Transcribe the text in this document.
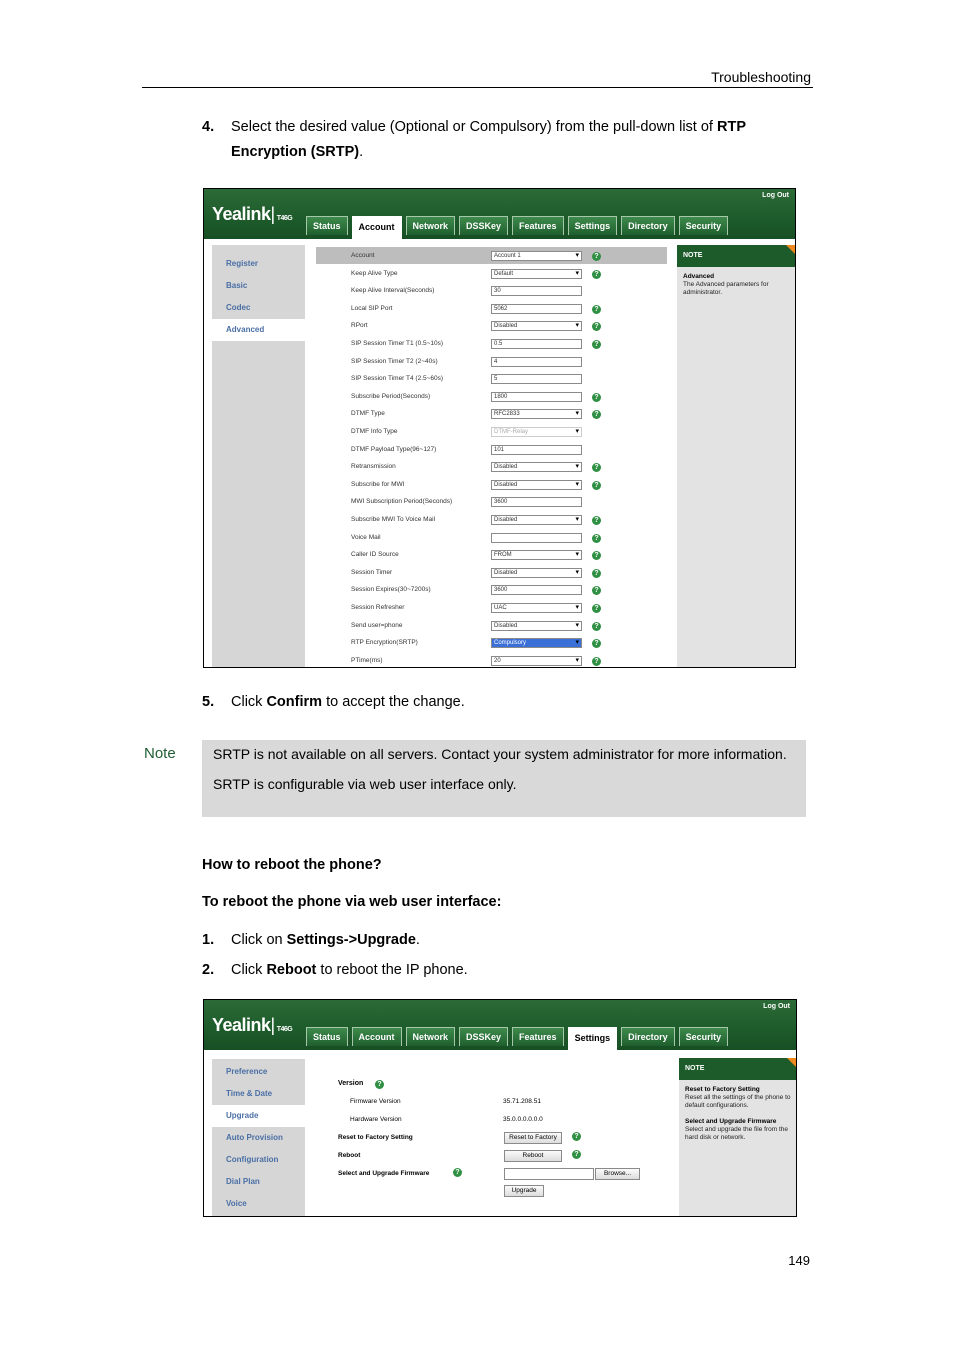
Troubleshooting
4. Select the desired value (Optional or Compulsory) from the pull-down list of RTP Encryption (SRTP).
Yealink| T46G
Log Out
Status	Account	Network	DSSKey	Features	Settings	Directory	Security
Register
Basic
Codec
Advanced
Account	Account 1 ▾	?
Keep Alive Type	Default ▾	?
Keep Alive Interval(Seconds)	30
Local SIP Port	5062	?
RPort	Disabled ▾	?
SIP Session Timer T1 (0.5~10s)	0.5	?
SIP Session Timer T2 (2~40s)	4
SIP Session Timer T4 (2.5~60s)	5
Subscribe Period(Seconds)	1800	?
DTMF Type	RFC2833 ▾	?
DTMF Info Type	DTMF-Relay ▾
DTMF Payload Type(96~127)	101
Retransmission	Disabled ▾	?
Subscribe for MWI	Disabled ▾	?
MWI Subscription Period(Seconds)	3600
Subscribe MWI To Voice Mail	Disabled ▾	?
Voice Mail	?
Caller ID Source	FROM ▾	?
Session Timer	Disabled ▾	?
Session Expires(30~7200s)	3600	?
Session Refresher	UAC ▾	?
Send user=phone	Disabled ▾	?
RTP Encryption(SRTP)	Compulsory ▾	?
PTime(ms)	20 ▾	?
NOTE
Advanced
The Advanced parameters for administrator.
5. Click Confirm to accept the change.
Note	SRTP is not available on all servers. Contact your system administrator for more information.

SRTP is configurable via web user interface only.

How to reboot the phone?
To reboot the phone via web user interface:
1. Click on Settings->Upgrade.
2. Click Reboot to reboot the IP phone.
Yealink| T46G
Log Out
Status	Account	Network	DSSKey	Features	Settings	Directory	Security
Preference
Time & Date
Upgrade
Auto Provision
Configuration
Dial Plan
Voice
Version	?
Firmware Version	35.71.208.51
Hardware Version	35.0.0.0.0.0.0
Reset to Factory Setting	Reset to Factory	?
Reboot	Reboot	?
Select and Upgrade Firmware	?	Browse...
Upgrade
NOTE
Reset to Factory Setting
Reset all the settings of the phone to default configurations.

Select and Upgrade Firmware
Select and upgrade the file from the hard disk or network.
149
